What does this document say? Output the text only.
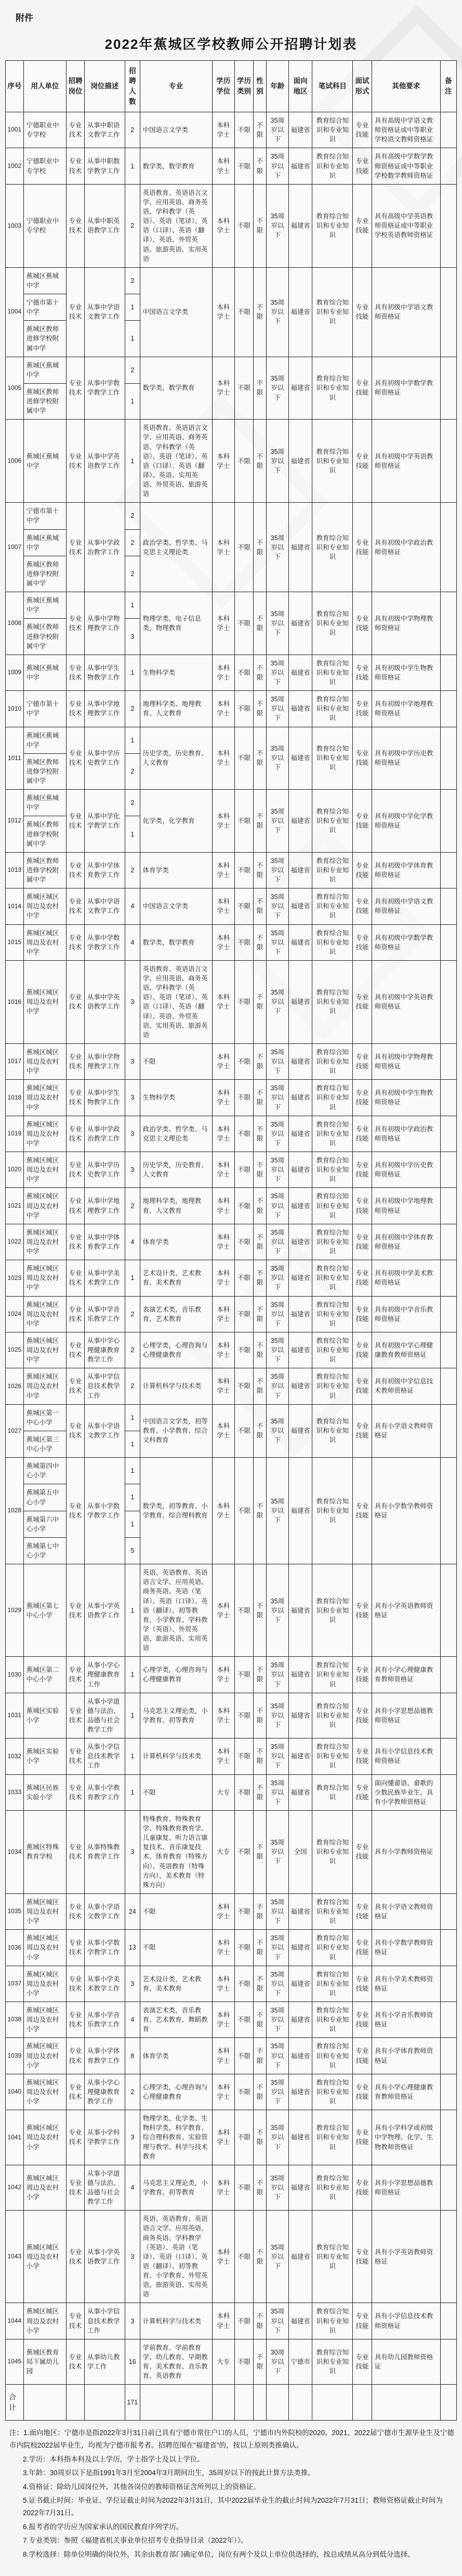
附件
2022年蕉城区学校教师公开招聘计划表
序号	用人单位	招聘岗位	岗位描述	招聘人数	专业	学历学位	学历类别	性别	年龄	面向地区	笔试科目	面试形式	其他要求	备注
1001	宁德职业中专学校	专业技术	从事中职语文教学工作	2	中国语言文学类	本科学士	不限	不限	35周岁以下	福建省	教育综合知识和专业知识	专业技能	具有高级中学语文教师资格证或中等职业学校语文教师资格证	
1002	宁德职业中专学校	专业技术	从事中职数学教学工作	1	数学类，数学教育	本科学士	不限	不限	35周岁以下	福建省	教育综合知识和专业知识	专业技能	具有高级中学数学教师资格证或中等职业学校数学教师资格证	
1003	宁德职业中专学校	专业技术	从事中职英语教学工作	2	英语教育、英语语言文学、应用英语、商务英语、学科教学（英语）、英语（笔译）、英语（口译）、英语（翻译）、英语、外贸英语、旅游英语、实用英语	本科学士	不限	不限	35周岁以下	福建省	教育综合知识和专业知识	专业技能	具有高级中学英语教师资格证或中等职业学校英语教师资格证	
1004	蕉城区蕉城中学	专业技术	从事中学语文教学工作	2	中国语言文学类	本科学士	不限	不限	35周岁以下	福建省	教育综合知识和专业知识	专业技能	具有初级中学语文教师资格证	
	宁德市第十中学			1										
	蕉城区教师进修学校附属中学			1										
1005	蕉城区蕉城中学	专业技术	从事中学数学教学工作	2	数学类，数学教育	本科学士	不限	不限	35周岁以下	福建省	教育综合知识和专业知识	专业技能	具有初级中学数学教师资格证	
	蕉城区教师进修学校附属中学			1										
1006	蕉城区蕉城中学	专业技术	从事中学英语教学工作	1	英语教育、英语语言文学、应用英语、商务英语、学科教学（英语）、英语（笔译）、英语（口译）、英语（翻译）、英语、实用英语、外贸英语、旅游英语	本科学士	不限	不限	35周岁以下	福建省	教育综合知识和专业知识	专业技能	具有初级中学英语教师资格证	
1007	宁德市第十中学	专业技术	从事中学政治教学工作	2	政治学类、哲学类、马克思主义理论类	本科学士	不限	不限	35周岁以下	福建省	教育综合知识和专业知识	专业技能	具有初级中学政治教师资格证	
	蕉城区蕉城中学			2										
	蕉城区教师进修学校附属中学			2										
1008	蕉城区蕉城中学	专业技术	从事中学物理教学工作	1	物理学类、电子信息类，物理教育	本科学士	不限	不限	35周岁以下	福建省	教育综合知识和专业知识	专业技能	具有初级中学物理教师资格证	
	蕉城区教师进修学校附属中学			3										
1009	蕉城区蕉城中学	专业技术	从事中学生物教学工作	1	生物科学类	本科学士	不限	不限	35周岁以下	福建省	教育综合知识和专业知识	专业技能	具有初级中学生物教师资格证	
1010	宁德市第十中学	专业技术	从事中学地理教学工作	2	地理科学类、地理教育、人文教育	本科学士	不限	不限	35周岁以下	福建省	教育综合知识和专业知识	专业技能	具有初级中学地理教师资格证	
1011	蕉城区蕉城中学	专业技术	从事中学历史教学工作	1	历史学类，历史教育、人文教育	本科学士	不限	不限	35周岁以下	福建省	教育综合知识和专业知识	专业技能	具有初级中学历史教师资格证	
	蕉城区教师进修学校附属中学			2										
1012	蕉城区蕉城中学	专业技术	从事中学化学教学工作	2	化学类，化学教育	本科学士	不限	不限	35周岁以下	福建省	教育综合知识和专业知识	专业技能	具有初级中学化学教师资格证	
	蕉城区教师进修学校附属中学			1										
1013	蕉城区教师进修学校附属中学	专业技术	从事中学体育教学工作	2	体育学类	本科学士	不限	不限	35周岁以下	福建省	教育综合知识和专业知识	专业技能	具有初级中学体育教师资格证	
1014	蕉城区城区周边及农村中学	专业技术	从事中学语文教学工作	4	中国语言文学类	本科学士	不限	不限	35周岁以下	福建省	教育综合知识和专业知识	专业技能	具有初级中学语文教师资格证	
1015	蕉城区城区周边及农村中学	专业技术	从事中学数学教学工作	4	数学类，数学教育	本科学士	不限	不限	35周岁以下	福建省	教育综合知识和专业知识	专业技能	具有初级中学数学教师资格证	
1016	蕉城区城区周边及农村中学	专业技术	从事中学英语教学工作	3	英语教育、英语语言文学、应用英语、商务英语、学科教学（英语）、英语（笔译）、英语（口译）、英语（翻译）、英语、外贸英语、实用英语、旅游英语	本科学士	不限	不限	35周岁以下	福建省	教育综合知识和专业知识	专业技能	具有初级中学英语教师资格证	
1017	蕉城区城区周边及农村中学	专业技术	从事中学物理教学工作	3	不限	本科学士	不限	不限	35周岁以下	福建省	教育综合知识和专业知识	专业技能	具有初级中学物理教师资格证	
1018	蕉城区城区周边及农村中学	专业技术	从事中学生物教学工作	3	生物科学类	本科学士	不限	不限	35周岁以下	福建省	教育综合知识和专业知识	专业技能	具有初级中学生物教师资格证	
1019	蕉城区城区周边及农村中学	专业技术	从事中学政治教学工作	3	政治学类、哲学类、马克思主义理论类	本科学士	不限	不限	35周岁以下	福建省	教育综合知识和专业知识	专业技能	具有初级中学政治教师资格证	
1020	蕉城区城区周边及农村中学	专业技术	从事中学历史教学工作	3	历史学类，历史教育、人文教育	本科学士	不限	不限	35周岁以下	福建省	教育综合知识和专业知识	专业技能	具有初级中学历史教师资格证	
1021	蕉城区城区周边及农村中学	专业技术	从事中学地理教学工作	2	地理科学类，地理教育、人文教育	本科学士	不限	不限	35周岁以下	福建省	教育综合知识和专业知识	专业技能	具有初级中学地理教师资格证	
1022	蕉城区城区周边及农村中学	专业技术	从事中学体育教学工作	4	体育学类	本科学士	不限	不限	35周岁以下	福建省	教育综合知识和专业知识	专业技能	具有初级中学体育教师资格证	
1023	蕉城区城区周边及农村中学	专业技术	从事中学美术教学工作	1	艺术设计类，艺术教育、美术教育	本科学士	不限	不限	35周岁以下	福建省	教育综合知识和专业知识	专业技能	具有初级中学美术教师资格证	
1024	蕉城区城区周边及农村中学	专业技术	从事中学音乐教学工作	2	表演艺术类，音乐教育、艺术教育	本科学士	不限	不限	35周岁以下	福建省	教育综合知识和专业知识	专业技能	具有初级中学音乐教师资格证	
1025	蕉城区城区周边及农村中学	专业技术	从事中学心理健康教育教学工作	2	心理学类，心理咨询与心理健康教育	本科学士	不限	不限	35周岁以下	福建省	教育综合知识和专业知识	专业技能	具有初级中学心理健康教育教师资格证	
1026	蕉城区城区周边及农村中学	专业技术	从事中学信息技术教学工作	2	计算机科学与技术类	本科学士	不限	不限	35周岁以下	福建省	教育综合知识和专业知识	专业技能	具有初级中学信息技术教师资格证	
1027	蕉城区第一中心小学	专业技术	从事小学语文教学工作	1	中国语言文学类，初等教育、小学教育、综合文科教育	本科学士	不限	不限	35周岁以下	福建省	教育综合知识和专业知识	专业技能	具有小学语文教师资格证	
	蕉城区第三中心小学			1										
1028	蕉城第四中心小学	专业技术	从事小学数学教学工作	1	数学类，初等教育、小学教育、综合理科教育	本科学士	不限	不限	35周岁以下	福建省	教育综合知识和专业知识	专业技能	具有小学数学教师资格证	
	蕉城第五中心小学			1										
	蕉城第六中心小学			1										
	蕉城第七中心小学			5										
1029	蕉城区第七中心小学	专业技术	从事小学英语教学工作	1	英语、英语教育、英语语言文学、应用英语、商务英语、英语（笔译）、英语（口译）、英语（翻译）、初等教育、小学教育、学科教学（英语）、外贸英语、旅游英语、实用英语	本科学士	不限	不限	35周岁以下	福建省	教育综合知识和专业知识	专业技能	具有小学英语教师资格证	
1030	蕉城区第二中心小学	专业技术	从事小学心理健康教育工作	1	心理学类，心理咨询与心理健康教育	本科学士	不限	不限	35周岁以下	福建省	教育综合知识和专业知识	专业技能	具有小学心理健康教育教师资格证	
1031	蕉城区实验小学	专业技术	从事小学道德与法治、品德与社会教学工作	1	马克思主义理论类，小学教育、初等教育	本科学士	不限	不限	35周岁以下	福建省	教育综合知识和专业知识	专业技能	具有小学思想品德教师资格证	
1032	蕉城区实验小学	专业技术	从事小学信息技术教学工作	1	计算机科学与技术类	本科学士	不限	不限	35周岁以下	福建省	教育综合知识和专业知识	专业技能	具有小学信息技术教师资格证	
1033	蕉城区民族实验小学	专业技术	从事小学教育教学工作	1	不限	大专	不限	不限	35周岁以下	福建省	教育综合知识	专业技能	面向懂畲语、畲歌的少数民族毕业生，具有小学教师资格证	
1034	蕉城区特殊教育学校	专业技术	从事特殊教育教学工作	3	特殊教育、特殊教育学、特殊教育教育学、儿童康复、听力语言康复技术、音乐康复技术、体育教育（特殊方向）、英语教育（特殊方向）、美术教育（特殊方向）	大专	不限	不限	35周岁以下	全国	教育综合知识和专业知识	专业技能	具有小学教师资格证	
1035	蕉城区城区周边及农村小学	专业技术	从事小学语文教学工作	24	不限	本科学士	不限	不限	35周岁以下	福建省	教育综合知识和专业知识	专业技能	具有小学语文教师资格证	
1036	蕉城区城区周边及农村小学	专业技术	从事小学数学教学工作	13	不限	本科学士	不限	不限	35周岁以下	福建省	教育综合知识和专业知识	专业技能	具有小学数学教师资格证	
1037	蕉城区城区周边及农村小学	专业技术	从事小学美术教学工作	3	艺术设计类，艺术教育、美术教育	本科学士	不限	不限	35周岁以下	福建省	教育综合知识和专业知识	专业技能	具有小学美术教师资格证	
1038	蕉城区城区周边及农村小学	专业技术	从事小学音乐教学工作	4	表演艺术类，音乐教育、艺术教育、舞蹈教育	本科学士	不限	不限	35周岁以下	福建省	教育综合知识和专业知识	专业技能	具有小学音乐教师资格证	
1039	蕉城区城区周边及农村小学	专业技术	从事小学体育教学工作	8	体育学类	本科学士	不限	不限	35周岁以下	福建省	教育综合知识和专业知识	专业技能	具有小学体育教师资格证	
1040	蕉城区城区周边及农村小学	专业技术	从事小学心理健康教育教学工作	2	心理学类，心理咨询与心理健康教育	本科学士	不限	不限	35周岁以下	福建省	教育综合知识和专业知识	专业技能	具有小学心理健康教育教师资格证	
1041	蕉城区城区周边及农村小学	专业技术	从事小学科学教学工作	3	物理学类、化学类、生物科学类，科学教育、综合理科教育、实验管理与教学、科学与技术教育	本科学士	不限	不限	35周岁以下	福建省	教育综合知识和专业知识	专业技能	具有小学科学或初级中学物理、化学、生物教师资格证	
1042	蕉城区城区周边及农村小学	专业技术	从事小学道德与法治、品德与社会教学工作	4	马克思主义理论类，小学教育、初等教育	本科学士	不限	不限	35周岁以下	福建省	教育综合知识和专业知识	专业技能	具有小学思想品德教师资格证	
1043	蕉城区城区周边及农村小学	专业技术	从事小学英语教学工作	3	英语、英语教育、英语语言文学、应用英语、商务英语、学科教学（英语）、英语（笔译）、英语（口译）、英语（翻译）、初等教育、小学教育、外贸英语、旅游英语、实用英语	本科学士	不限	不限	35周岁以下	福建省	教育综合知识和专业知识	专业技能	具有小学英语教师资格证	
1044	蕉城区城区周边及农村小学	专业技术	从事小学信息技术教学工作	3	计算机科学与技术类	本科学士	不限	不限	35周岁以下	福建省	教育综合知识和专业知识	专业技能	具有小学信息技术教师资格证	
1045	蕉城区教育局下属幼儿园	专业技术	从事幼儿教学工作	16	学前教育、学前教育学、幼儿教育、早期教育、美术教育、音乐教育、英语教育	大专	不限	不限	30周岁以下	宁德市	教育综合知识和专业知识	专业技能	具有幼儿园教师资格证	
合计				171										

注：1.面向地区：宁德市是指2022年3月31日前已具有宁德市常住户口的人员，宁德市内外院校的2020、2021、2022届宁德市生源毕业生及宁德市内院校2022届毕业生，均视为宁德市报考者。招聘范围在“福建省”的，按以上原则类推确认。

2.学历：本科指本科及以上学历，学士指学士及以上学位。

3.年龄：30周岁以下是指1991年3月至2004年3月期间出生，35周岁以下的按此计算方法类推。

4.资格证：除幼儿园岗位外，其他各岗位的教师资格证含所列以上的资格证。

5.证书截止时间：毕业证、学位证截止时间为2022年3月31日，其中2022届毕业生的截止时间为2022年7月31日；教师资格证截止时间为2022年7月31日。

6.报考者的学历应为国家承认的国民教育序列学历。

7.专业类别：参照《福建省机关事业单位招考专业指导目录（2022年）》。

8.学校选择：除单位明确的岗位外，其余由教育部门确定单位，岗位有两个及以上单位供选择的，按总成绩从高分到低分选择。
